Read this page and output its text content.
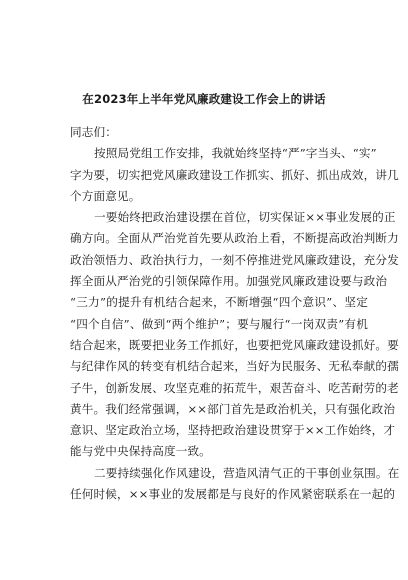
在2023年上半年党风廉政建设工作会上的讲话
同志们：
按照局党组工作安排，我就始终坚持“严”字当头、“实”
字为要，切实把党风廉政建设工作抓实、抓好、抓出成效，讲几
个方面意见。
一要始终把政治建设摆在首位，切实保证××事业发展的正
确方向。全面从严治党首先要从政治上看，不断提高政治判断力
政治领悟力、政治执行力，一刻不停推进党风廉政建设，充分发
挥全面从严治党的引领保障作用。加强党风廉政建设要与政治
“三力”的提升有机结合起来，不断增强“四个意识”、坚定
“四个自信”、做到“两个维护”；要与履行“一岗双责”有机
结合起来，既要把业务工作抓好，也要把党风廉政建设抓好。要
与纪律作风的转变有机结合起来，当好为民服务、无私奉献的孺
子牛，创新发展、攻坚克难的拓荒牛，艰苦奋斗、吃苦耐劳的老
黄牛。我们经常强调，××部门首先是政治机关，只有强化政治
意识、坚定政治立场，坚持把政治建设贯穿于××工作始终，才
能与党中央保持高度一致。
二要持续强化作风建设，营造风清气正的干事创业氛围。在
任何时候，××事业的发展都是与良好的作风紧密联系在一起的
